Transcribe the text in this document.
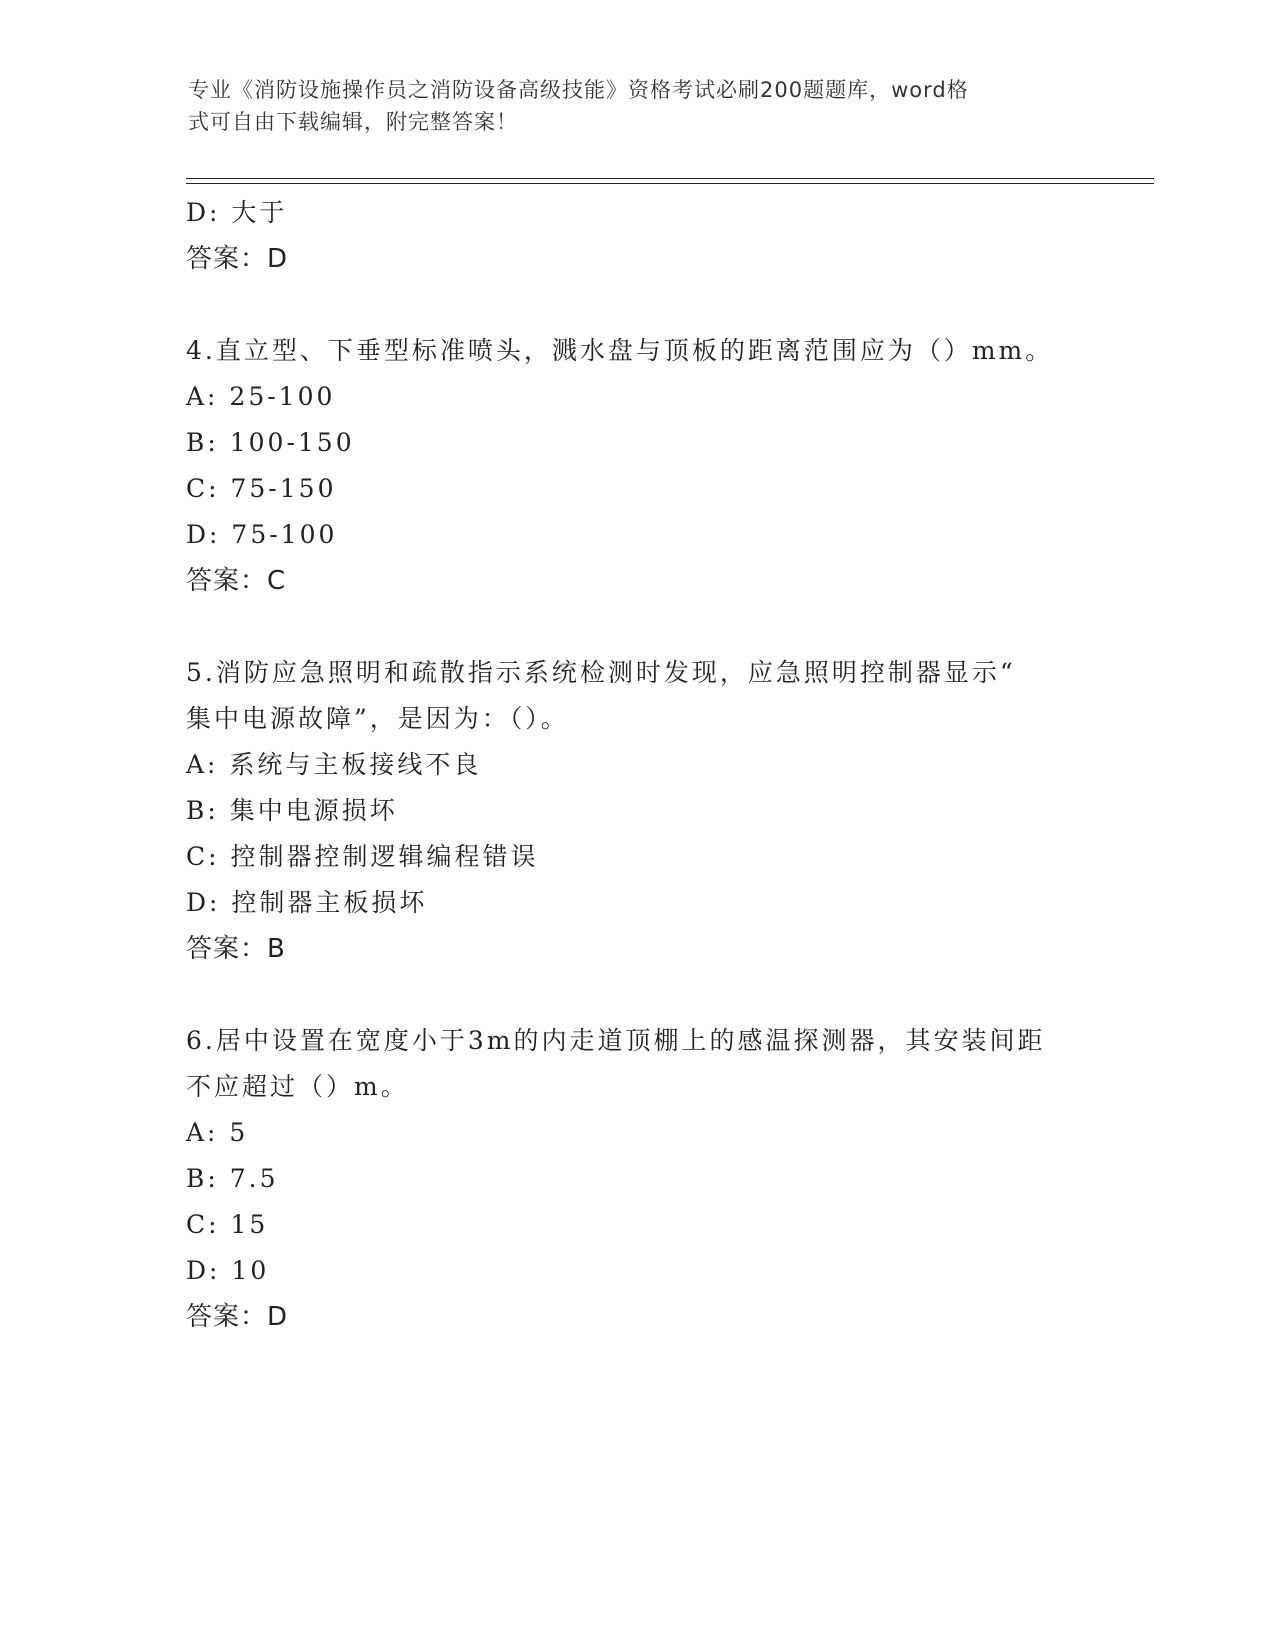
专业《消防设施操作员之消防设备高级技能》资格考试必刷200题题库，word格
式可自由下载编辑，附完整答案！
D: 大于
答案：D
4.直立型、下垂型标准喷头，溅水盘与顶板的距离范围应为（）mm。
A: 25-100
B: 100-150
C: 75-150
D: 75-100
答案：C
5.消防应急照明和疏散指示系统检测时发现，应急照明控制器显示“
集中电源故障”，是因为：（）。
A: 系统与主板接线不良
B: 集中电源损坏
C: 控制器控制逻辑编程错误
D: 控制器主板损坏
答案：B
6.居中设置在宽度小于3m的内走道顶棚上的感温探测器，其安装间距
不应超过（）m。
A: 5
B: 7.5
C: 15
D: 10
答案：D
